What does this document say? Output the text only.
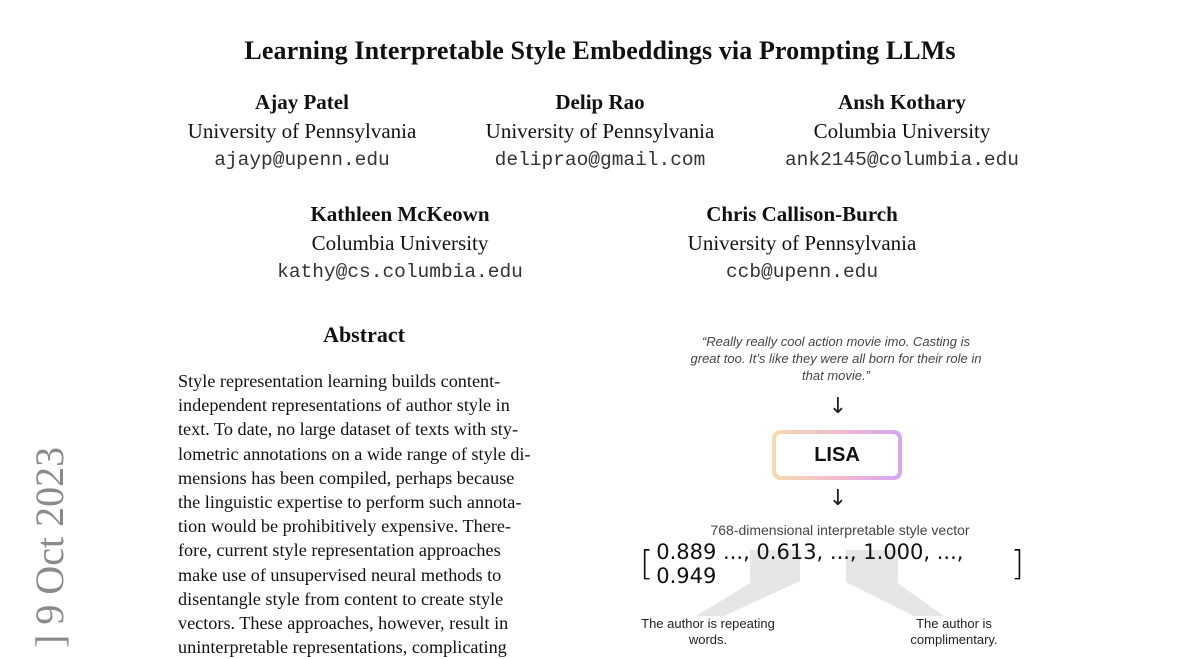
Learning Interpretable Style Embeddings via Prompting LLMs
Ajay Patel
University of Pennsylvania
ajayp@upenn.edu
Delip Rao
University of Pennsylvania
deliprao@gmail.com
Ansh Kothary
Columbia University
ank2145@columbia.edu
Kathleen McKeown
Columbia University
kathy@cs.columbia.edu
Chris Callison-Burch
University of Pennsylvania
ccb@upenn.edu
] 9 Oct 2023
Abstract
Style representation learning builds content-
independent representations of author style in
text. To date, no large dataset of texts with sty-
lometric annotations on a wide range of style di-
mensions has been compiled, perhaps because
the linguistic expertise to perform such annota-
tion would be prohibitively expensive. There-
fore, current style representation approaches
make use of unsupervised neural methods to
disentangle style from content to create style
vectors. These approaches, however, result in
uninterpretable representations, complicating
“Really really cool action movie imo. Casting is great too. It’s like they were all born for their role in that movie.”
↓
LISA
↓
768-dimensional interpretable style vector
[ 0.889 ..., 0.613, ..., 1.000, ..., 0.949	]
The author is repeating words.
The author is complimentary.
